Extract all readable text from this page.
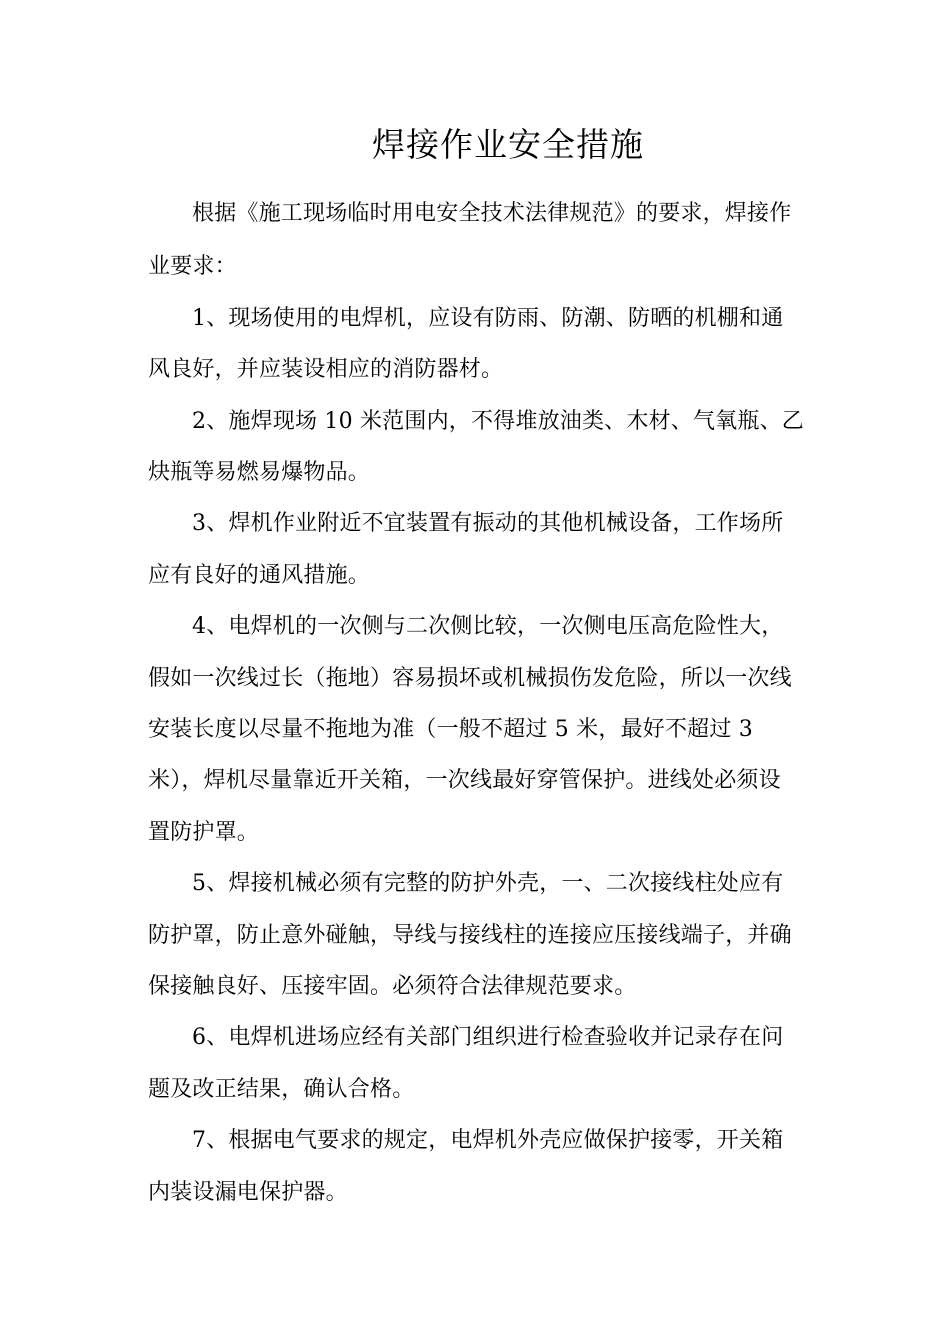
焊接作业安全措施
根据《施工现场临时用电安全技术法律规范》的要求，焊接作
业要求：
1、现场使用的电焊机，应设有防雨、防潮、防晒的机棚和通
风良好，并应装设相应的消防器材。
2、施焊现场 10 米范围内，不得堆放油类、木材、气氧瓶、乙
炔瓶等易燃易爆物品。
3、焊机作业附近不宜装置有振动的其他机械设备，工作场所
应有良好的通风措施。
4、电焊机的一次侧与二次侧比较，一次侧电压高危险性大，
假如一次线过长（拖地）容易损坏或机械损伤发危险，所以一次线
安装长度以尽量不拖地为准（一般不超过 5 米，最好不超过 3
米），焊机尽量靠近开关箱，一次线最好穿管保护。进线处必须设
置防护罩。
5、焊接机械必须有完整的防护外壳，一、二次接线柱处应有
防护罩，防止意外碰触，导线与接线柱的连接应压接线端子，并确
保接触良好、压接牢固。必须符合法律规范要求。
6、电焊机进场应经有关部门组织进行检查验收并记录存在问
题及改正结果，确认合格。
7、根据电气要求的规定，电焊机外壳应做保护接零，开关箱
内装设漏电保护器。
